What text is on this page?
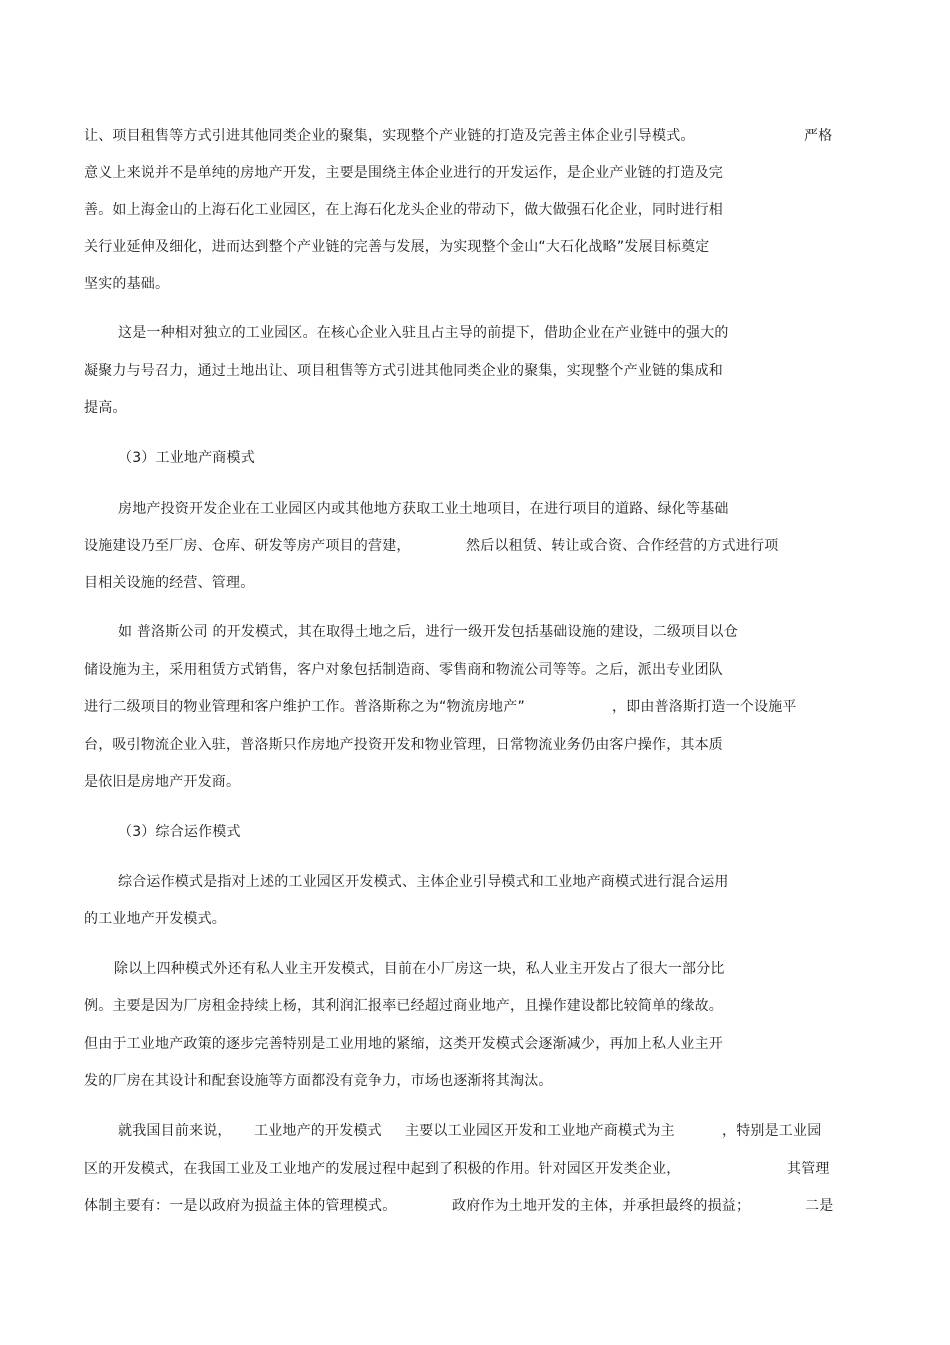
让、项目租售等方式引进其他同类企业的聚集，实现整个产业链的打造及完善主体企业引导模式。	严格
意义上来说并不是单纯的房地产开发，主要是围绕主体企业进行的开发运作，是企业产业链的打造及完
善。如上海金山的上海石化工业园区，在上海石化龙头企业的带动下，做大做强石化企业，同时进行相
关行业延伸及细化，进而达到整个产业链的完善与发展，为实现整个金山“大石化战略”发展目标奠定
坚实的基础。
这是一种相对独立的工业园区。在核心企业入驻且占主导的前提下，借助企业在产业链中的强大的
凝聚力与号召力，通过土地出让、项目租售等方式引进其他同类企业的聚集，实现整个产业链的集成和
提高。
（3）工业地产商模式
房地产投资开发企业在工业园区内或其他地方获取工业土地项目，在进行项目的道路、绿化等基础
设施建设乃至厂房、仓库、研发等房产项目的营建，	然后以租赁、转让或合资、合作经营的方式进行项
目相关设施的经营、管理。
如 普洛斯公司 的开发模式，其在取得土地之后，进行一级开发包括基础设施的建设，二级项目以仓
储设施为主，采用租赁方式销售，客户对象包括制造商、零售商和物流公司等等。之后，派出专业团队
进行二级项目的物业管理和客户维护工作。普洛斯称之为“物流房地产”	，即由普洛斯打造一个设施平
台，吸引物流企业入驻，普洛斯只作房地产投资开发和物业管理，日常物流业务仍由客户操作，其本质
是依旧是房地产开发商。
（3）综合运作模式
综合运作模式是指对上述的工业园区开发模式、主体企业引导模式和工业地产商模式进行混合运用
的工业地产开发模式。
除以上四种模式外还有私人业主开发模式，目前在小厂房这一块，私人业主开发占了很大一部分比
例。主要是因为厂房租金持续上杨，其利润汇报率已经超过商业地产，且操作建设都比较简单的缘故。
但由于工业地产政策的逐步完善特别是工业用地的紧缩，这类开发模式会逐渐减少，再加上私人业主开
发的厂房在其设计和配套设施等方面都没有竞争力，市场也逐渐将其淘汰。
就我国目前来说， 工业地产的开发模式 主要以工业园区开发和工业地产商模式为主	，特别是工业园
区的开发模式，在我国工业及工业地产的发展过程中起到了积极的作用。针对园区开发类企业，	其管理
体制主要有：一是以政府为损益主体的管理模式。	政府作为土地开发的主体，并承担最终的损益；	二是
